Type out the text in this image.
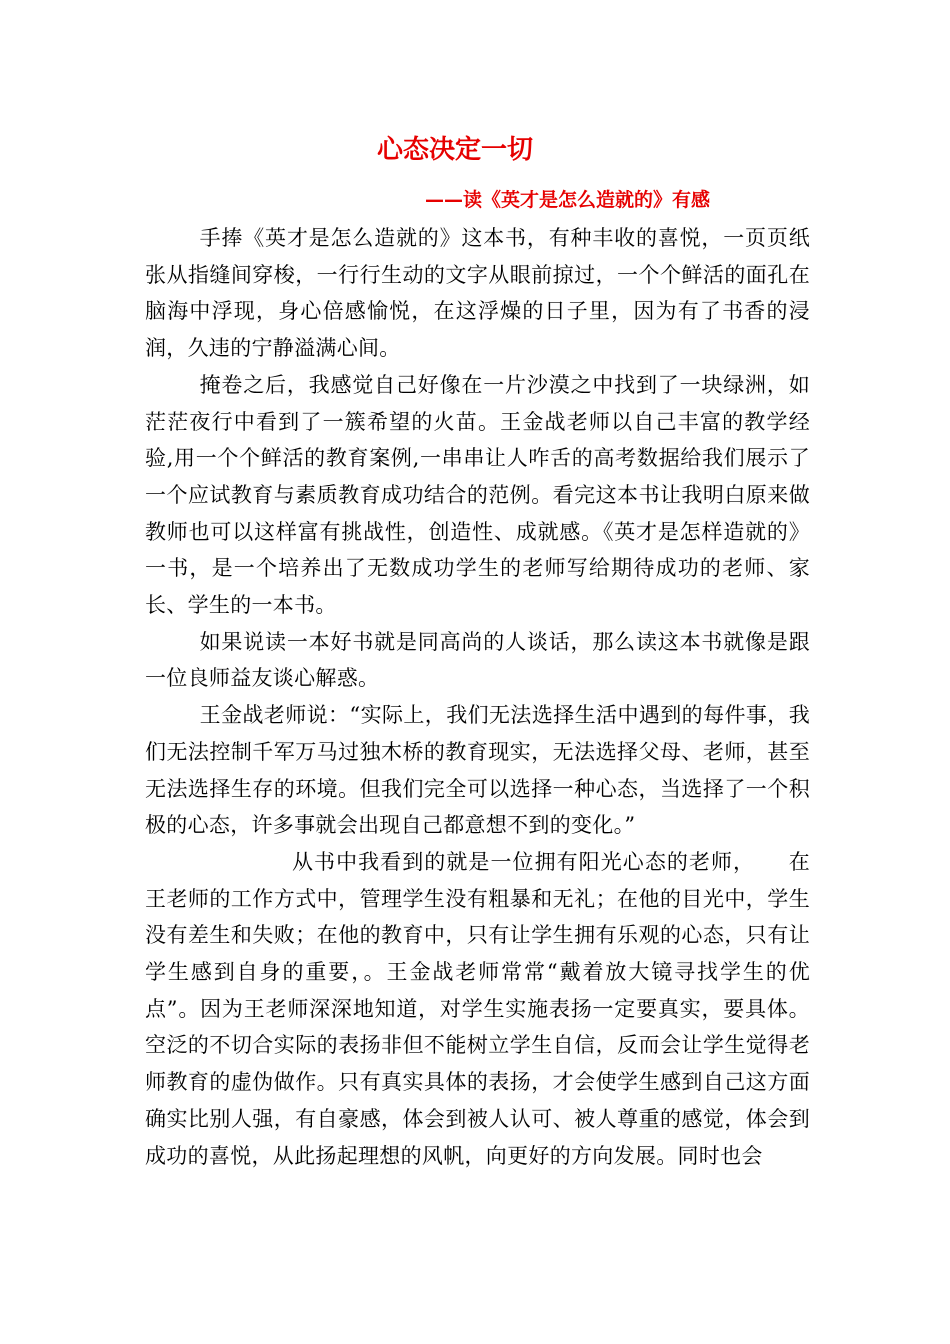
心态决定一切
——读《英才是怎么造就的》有感

手捧《英才是怎么造就的》这本书，有种丰收的喜悦，一页页纸张从指缝间穿梭，一行行生动的文字从眼前掠过，一个个鲜活的面孔在脑海中浮现，身心倍感愉悦，在这浮燥的日子里，因为有了书香的浸润，久违的宁静溢满心间。

掩卷之后，我感觉自己好像在一片沙漠之中找到了一块绿洲，如茫茫夜行中看到了一簇希望的火苗。王金战老师以自己丰富的教学经验,用一个个鲜活的教育案例,一串串让人咋舌的高考数据给我们展示了一个应试教育与素质教育成功结合的范例。看完这本书让我明白原来做教师也可以这样富有挑战性，创造性、成就感。《英才是怎样造就的》一书，是一个培养出了无数成功学生的老师写给期待成功的老师、家长、学生的一本书。

如果说读一本好书就是同高尚的人谈话，那么读这本书就像是跟一位良师益友谈心解惑。

王金战老师说：“实际上，我们无法选择生活中遇到的每件事，我们无法控制千军万马过独木桥的教育现实，无法选择父母、老师，甚至无法选择生存的环境。但我们完全可以选择一种心态，当选择了一个积极的心态，许多事就会出现自己都意想不到的变化。”

从书中我看到的就是一位拥有阳光心态的老师，　　在王老师的工作方式中，管理学生没有粗暴和无礼；在他的目光中，学生没有差生和失败；在他的教育中，只有让学生拥有乐观的心态，只有让学生感到自身的重要，。王金战老师常常“戴着放大镜寻找学生的优点”。因为王老师深深地知道，对学生实施表扬一定要真实，要具体。空泛的不切合实际的表扬非但不能树立学生自信，反而会让学生觉得老师教育的虚伪做作。只有真实具体的表扬，才会使学生感到自己这方面确实比别人强，有自豪感，体会到被人认可、被人尊重的感觉，体会到成功的喜悦，从此扬起理想的风帆，向更好的方向发展。同时也会
